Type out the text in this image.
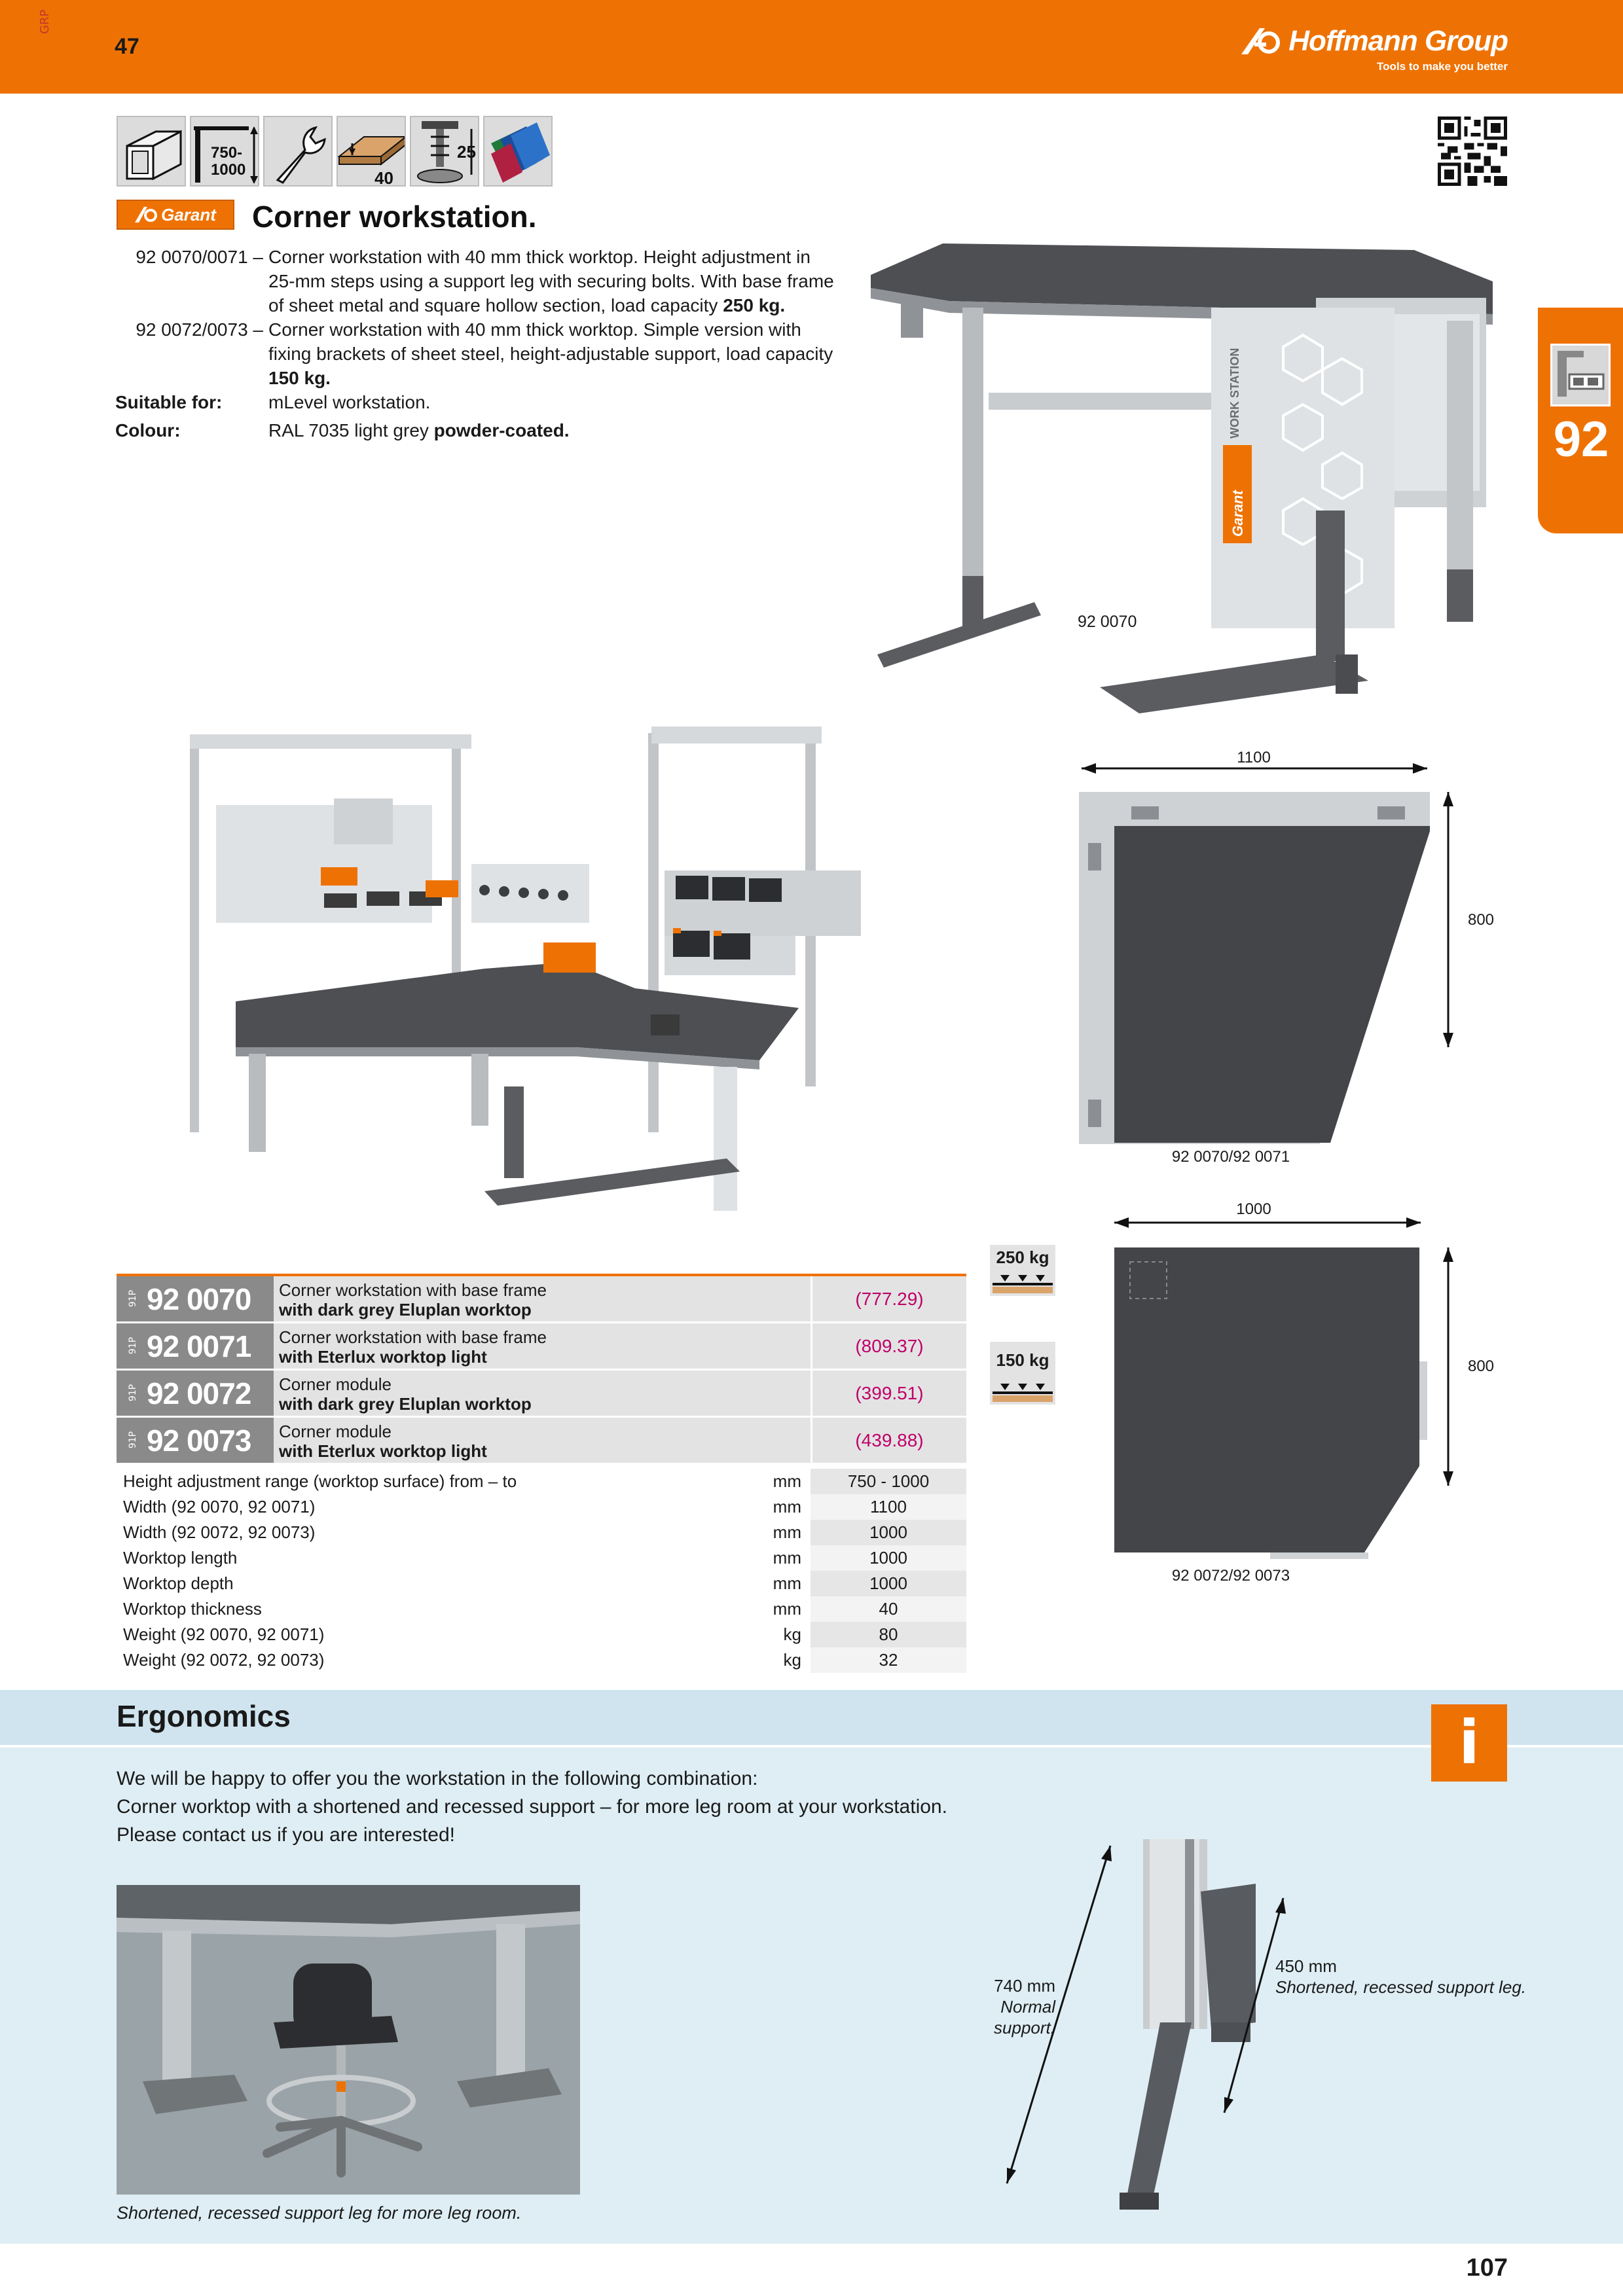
GRP
47	Hoffmann Group
Tools to make you better
750-
1000	40
25
Garant Corner workstation.
92 0070/0071 – Corner workstation with 40 mm thick worktop. Height adjustment in 25-mm steps using a support leg with securing bolts. With base frame of sheet metal and square hollow section, load capacity 250 kg.
92 0072/0073 – Corner workstation with 40 mm thick worktop. Simple version with fixing brackets of sheet steel, height-adjustable support, load capacity 150 kg.
Suitable for:	mLevel workstation.
Colour:	RAL 7035 light grey powder-coated.	92
Garant
WORK STATION
92 0070
1100
800
92 0070/92 0071
1000
800
92 0072/92 0073
250 kg
150 kg
91P 92 0070 Corner workstation with base frame
with dark grey Eluplan worktop
(777.29)
91P 92 0071 Corner workstation with base frame
with Eterlux worktop light
(809.37)
91P 92 0072 Corner module
with dark grey Eluplan worktop
(399.51)
91P 92 0073 Corner module
with Eterlux worktop light
(439.88)
Height adjustment range (worktop surface) from – to	mm	750 - 1000
Width (92 0070, 92 0071)	mm	1100
Width (92 0072, 92 0073)	mm	1000
Worktop length	mm	1000
Worktop depth	mm	1000
Worktop thickness	mm	40
Weight (92 0070, 92 0071)	kg	80
Weight (92 0072, 92 0073)	kg	32
Ergonomics	i
We will be happy to offer you the workstation in the following combination:
Corner worktop with a shortened and recessed support – for more leg room at your workstation.
Please contact us if you are interested!
Shortened, recessed support leg for more leg room.
740 mm
Normal
support.
450 mm
Shortened, recessed support leg.
107
